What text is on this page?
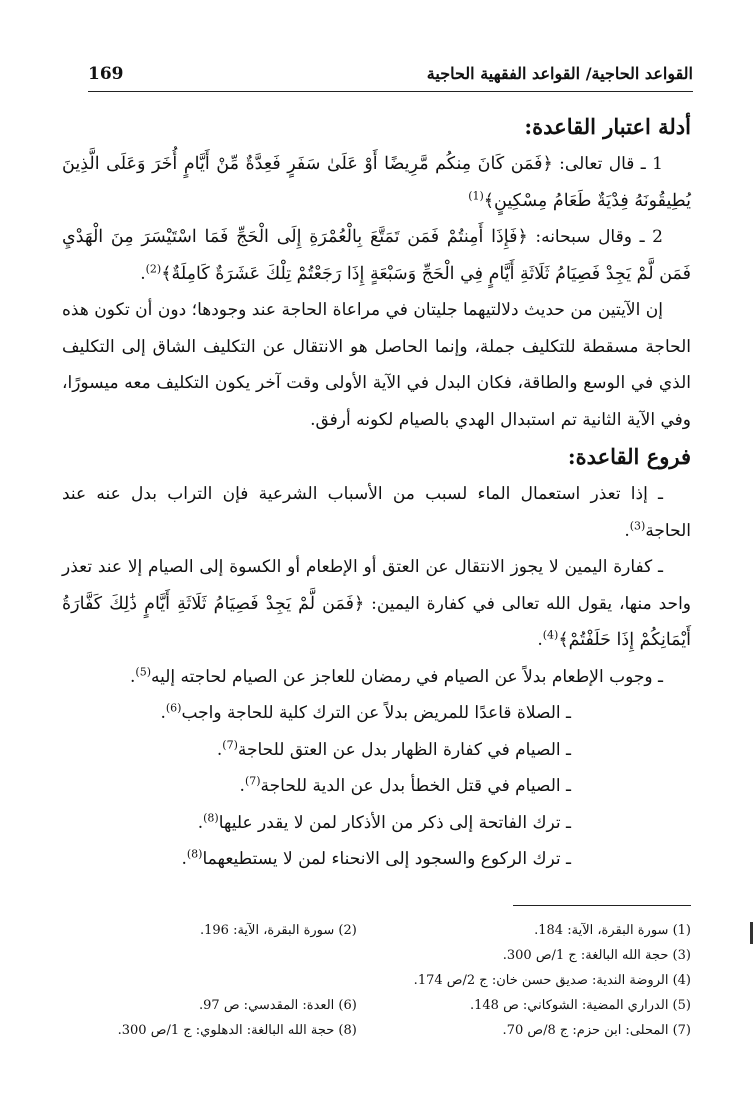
169	القواعد الحاجية/ القواعد الفقهية الحاجية

أدلة اعتبار القاعدة:

1 ـ قال تعالى: ﴿فَمَن كَانَ مِنكُم مَّرِيضًا أَوْ عَلَىٰ سَفَرٍ فَعِدَّةٌ مِّنْ أَيَّامٍ أُخَرَ وَعَلَى الَّذِينَ يُطِيقُونَهُ فِدْيَةٌ طَعَامُ مِسْكِينٍ﴾$^{(1)}$

2 ـ وقال سبحانه: ﴿فَإِذَا أَمِنتُمْ فَمَن تَمَتَّعَ بِالْعُمْرَةِ إِلَى الْحَجِّ فَمَا اسْتَيْسَرَ مِنَ الْهَدْيِ فَمَن لَّمْ يَجِدْ فَصِيَامُ ثَلَاثَةِ أَيَّامٍ فِي الْحَجِّ وَسَبْعَةٍ إِذَا رَجَعْتُمْ تِلْكَ عَشَرَةٌ كَامِلَةٌ﴾$^{(2)}$.

إن الآيتين من حديث دلالتيهما جليتان في مراعاة الحاجة عند وجودها؛ دون أن تكون هذه الحاجة مسقطة للتكليف جملة، وإنما الحاصل هو الانتقال عن التكليف الشاق إلى التكليف الذي في الوسع والطاقة، فكان البدل في الآية الأولى وقت آخر يكون التكليف معه ميسورًا، وفي الآية الثانية تم استبدال الهدي بالصيام لكونه أرفق.

فروع القاعدة:

ـ إذا تعذر استعمال الماء لسبب من الأسباب الشرعية فإن التراب بدل عنه عند الحاجة$^{(3)}$.

ـ كفارة اليمين لا يجوز الانتقال عن العتق أو الإطعام أو الكسوة إلى الصيام إلا عند تعذر واحد منها، يقول الله تعالى في كفارة اليمين: ﴿فَمَن لَّمْ يَجِدْ فَصِيَامُ ثَلَاثَةِ أَيَّامٍ ذَٰلِكَ كَفَّارَةُ أَيْمَانِكُمْ إِذَا حَلَفْتُمْ﴾$^{(4)}$.

ـ وجوب الإطعام بدلاً عن الصيام في رمضان للعاجز عن الصيام لحاجته إليه$^{(5)}$.

ـ الصلاة قاعدًا للمريض بدلاً عن الترك كلية للحاجة واجب$^{(6)}$.

ـ الصيام في كفارة الظهار بدل عن العتق للحاجة$^{(7)}$.

ـ الصيام في قتل الخطأ بدل عن الدية للحاجة$^{(7)}$.

ـ ترك الفاتحة إلى ذكر من الأذكار لمن لا يقدر عليها$^{(8)}$.

ـ ترك الركوع والسجود إلى الانحناء لمن لا يستطيعهما$^{(8)}$.

(1) سورة البقرة، الآية: 184.
(2) سورة البقرة، الآية: 196.
(3) حجة الله البالغة: ج 1/ص 300.
(4) الروضة الندية: صديق حسن خان: ج 2/ص 174.
(5) الدراري المضية: الشوكاني: ص 148.
(6) العدة: المقدسي: ص 97.
(7) المحلى: ابن حزم: ج 8/ص 70.
(8) حجة الله البالغة: الدهلوي: ج 1/ص 300.
